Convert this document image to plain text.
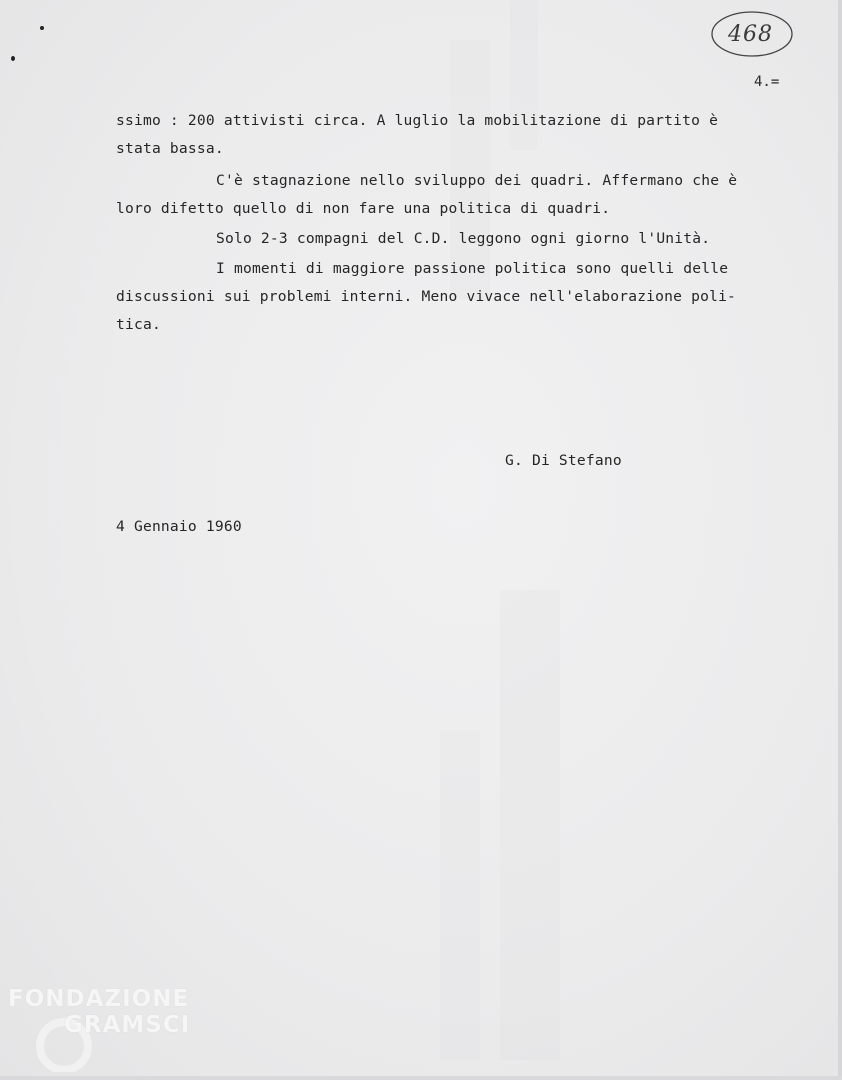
468
4.=
ssimo : 200 attivisti circa. A luglio la mobilitazione di partito è
stata bassa.
C'è stagnazione nello sviluppo dei quadri. Affermano che è
loro difetto quello di non fare una politica di quadri.
Solo 2-3 compagni del C.D. leggono ogni giorno l'Unità.
I momenti di maggiore passione politica sono quelli delle
discussioni sui problemi interni. Meno vivace nell'elaborazione poli-
tica.
G. Di Stefano
4 Gennaio 1960
FONDAZIONE
GRAMSCI
